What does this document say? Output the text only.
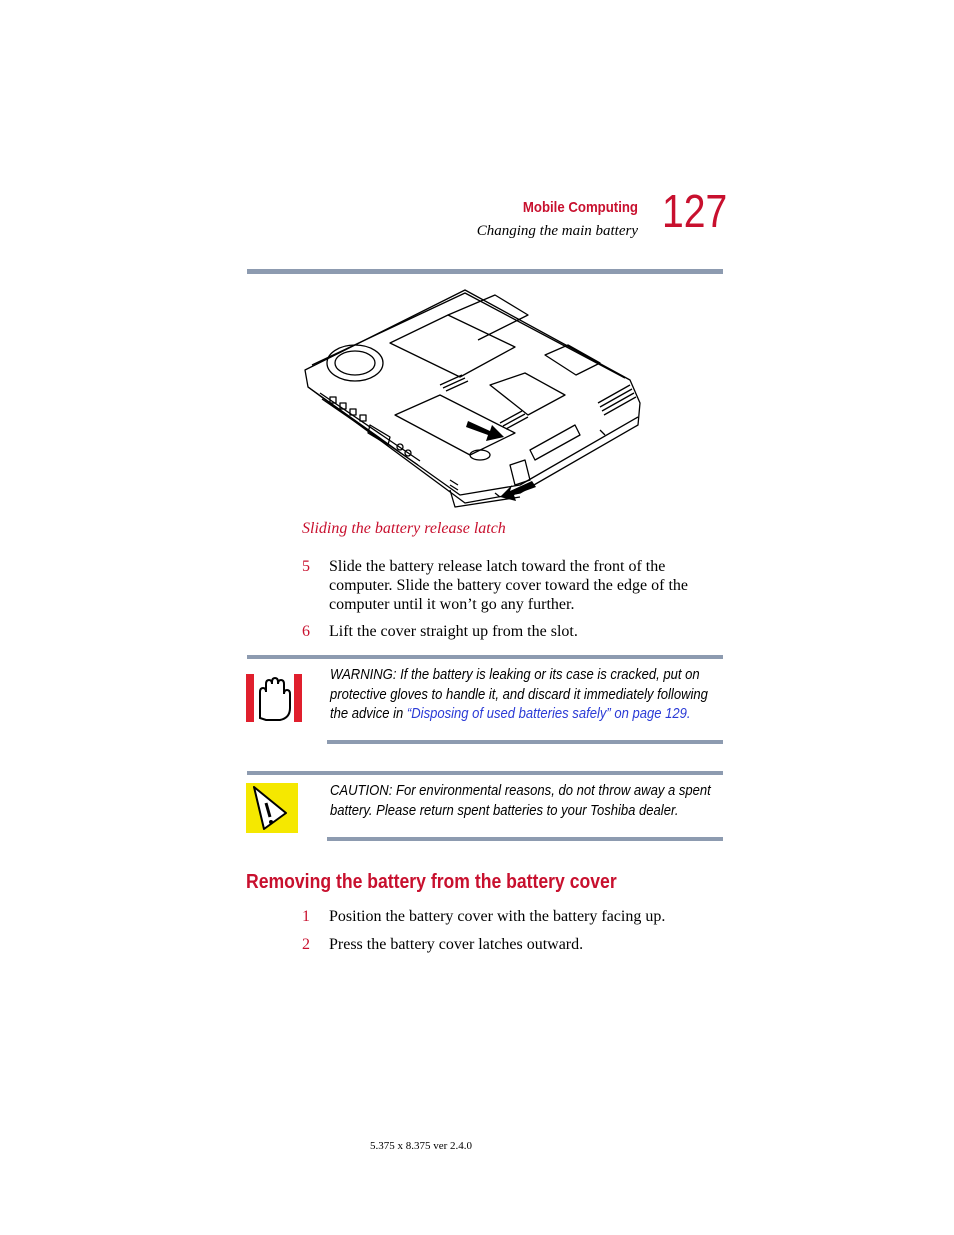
Mobile Computing
Changing the main battery 127
Sliding the battery release latch
5 Slide the battery release latch toward the front of the computer. Slide the battery cover toward the edge of the computer until it won’t go any further.
6 Lift the cover straight up from the slot.
WARNING: If the battery is leaking or its case is cracked, put on
protective gloves to handle it, and discard it immediately following
the advice in “Disposing of used batteries safely” on page 129.
CAUTION: For environmental reasons, do not throw away a spent
battery. Please return spent batteries to your Toshiba dealer.
Removing the battery from the battery cover
1 Position the battery cover with the battery facing up.
2 Press the battery cover latches outward.
5.375 x 8.375 ver 2.4.0
